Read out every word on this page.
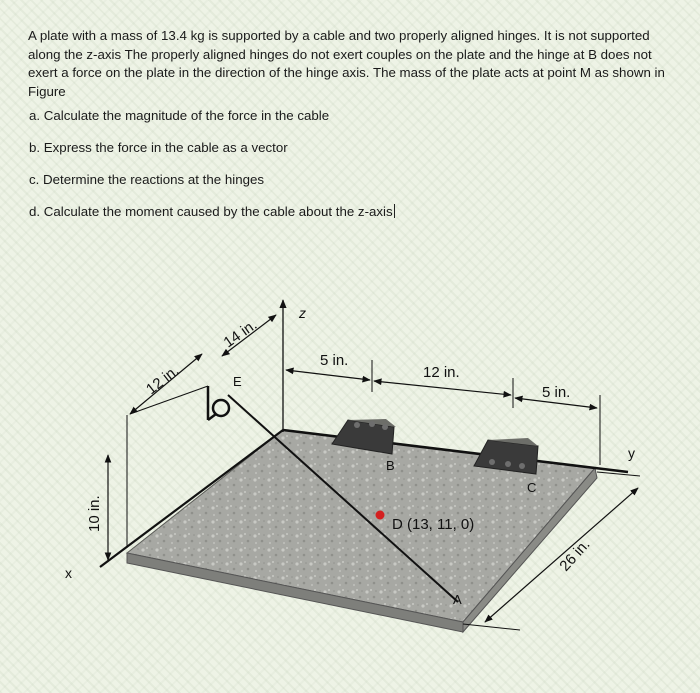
A plate with a mass of 13.4 kg is supported by a cable and two properly aligned hinges. It is not supported along the z-axis The properly aligned hinges do not exert couples on the plate and the hinge at B does not exert a force on the plate in the direction of the hinge axis. The mass of the plate acts at point M as shown in Figure

a. Calculate the magnitude of the force in the cable

b. Express the force in the cable as a vector

c. Determine the reactions at the hinges

d. Calculate the moment caused by the cable about the z-axis

z
y
x
E
B
C
A
D (13, 11, 0)
14 in.
12 in.
10 in.
5 in.
12 in.
5 in.
26 in.
